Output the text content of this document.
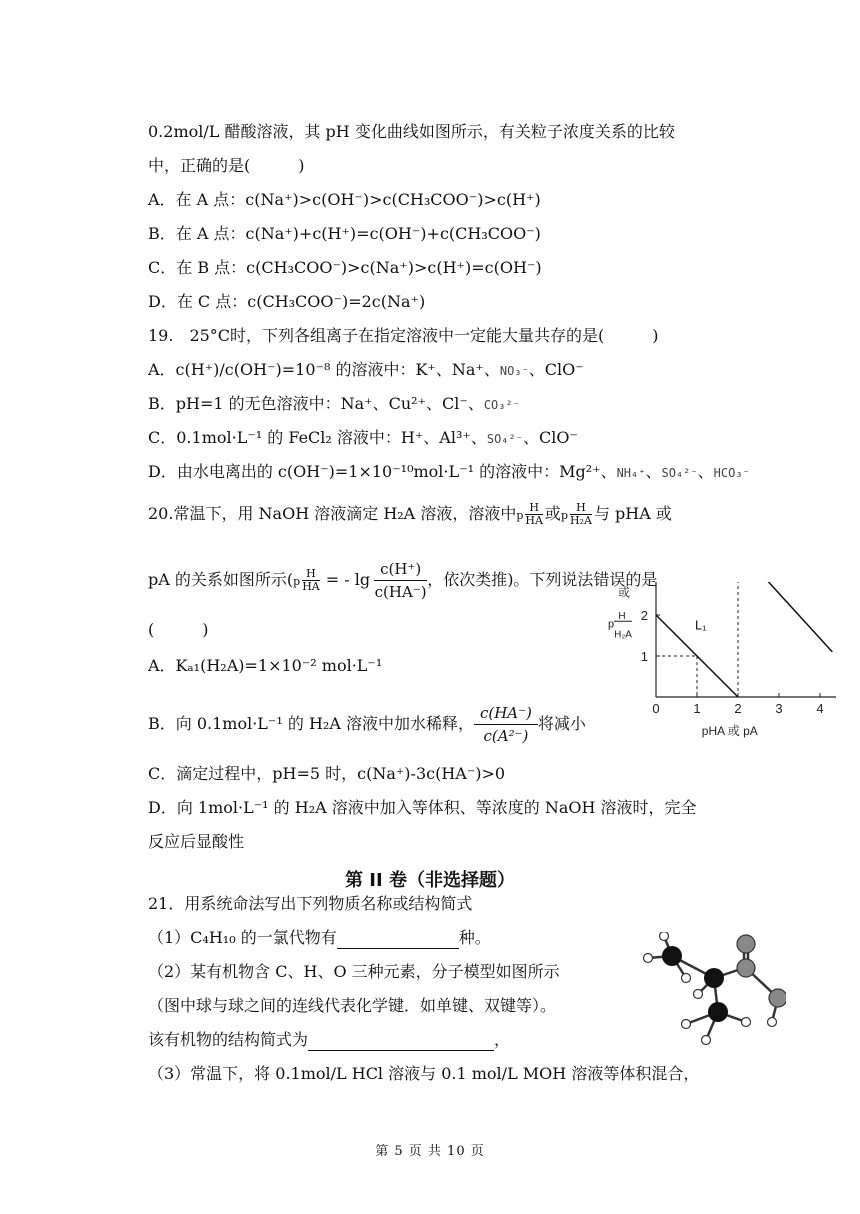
0.2mol/L 醋酸溶液，其 pH 变化曲线如图所示，有关粒子浓度关系的比较
中，正确的是(　　　)
A．在 A 点：c(Na⁺)>c(OH⁻)>c(CH₃COO⁻)>c(H⁺)
B．在 A 点：c(Na⁺)+c(H⁺)=c(OH⁻)+c(CH₃COO⁻)
C．在 B 点：c(CH₃COO⁻)>c(Na⁺)>c(H⁺)=c(OH⁻)
D．在 C 点：c(CH₃COO⁻)=2c(Na⁺)
19.　25°C时，下列各组离子在指定溶液中一定能大量共存的是(　　　)
A．c(H⁺)/c(OH⁻)=10⁻⁸ 的溶液中：K⁺、Na⁺、NO₃⁻、ClO⁻
B．pH=1 的无色溶液中：Na⁺、Cu²⁺、Cl⁻、CO₃²⁻
C．0.1mol·L⁻¹ 的 FeCl₂ 溶液中：H⁺、Al³⁺、SO₄²⁻、ClO⁻
D．由水电离出的 c(OH⁻)=1×10⁻¹⁰mol·L⁻¹ 的溶液中：Mg²⁺、NH₄⁺、SO₄²⁻、HCO₃⁻
20.常温下，用 NaOH 溶液滴定 H₂A 溶液，溶液中p $\frac{H}{HA}$ 或p $\frac{H}{\text{H₂A}}$ 与 pHA 或
pA 的关系如图所示($p \frac{H}{HA}$ = - $\lg \frac{c(H^+)}{c(HA^-)}$ ，依次类推)。下列说法错误的是
(　　　)
A．Kₐ₁(H₂A)=1×10⁻² mol·L⁻¹
B．向 0.1mol·L⁻¹ 的 H₂A 溶液中加水稀释， $\frac{c(HA^-)}{\text{c(A²⁻)}}$ 将减小
C．滴定过程中，pH=5 时，c(Na⁺)-3c(HA⁻)>0
D．向 1mol·L⁻¹ 的 H₂A 溶液中加入等体积、等浓度的 NaOH 溶液时，完全
反应后显酸性
0	1	2	3	4
1
2
L₁
pHA 或 pA
或
p
H
H₂A
第 II 卷（非选择题）
21．用系统命法写出下列物质名称或结构简式
（1）C₄H₁₀ 的一氯代物有	种。
（2）某有机物含 C、H、O 三种元素，分子模型如图所示
（图中球与球之间的连线代表化学键．如单键、双键等）。
该有机物的结构简式为	，
（3）常温下，将 0.1mol/L HCl 溶液与 0.1 mol/L MOH 溶液等体积混合，
第 5 页 共 10 页
